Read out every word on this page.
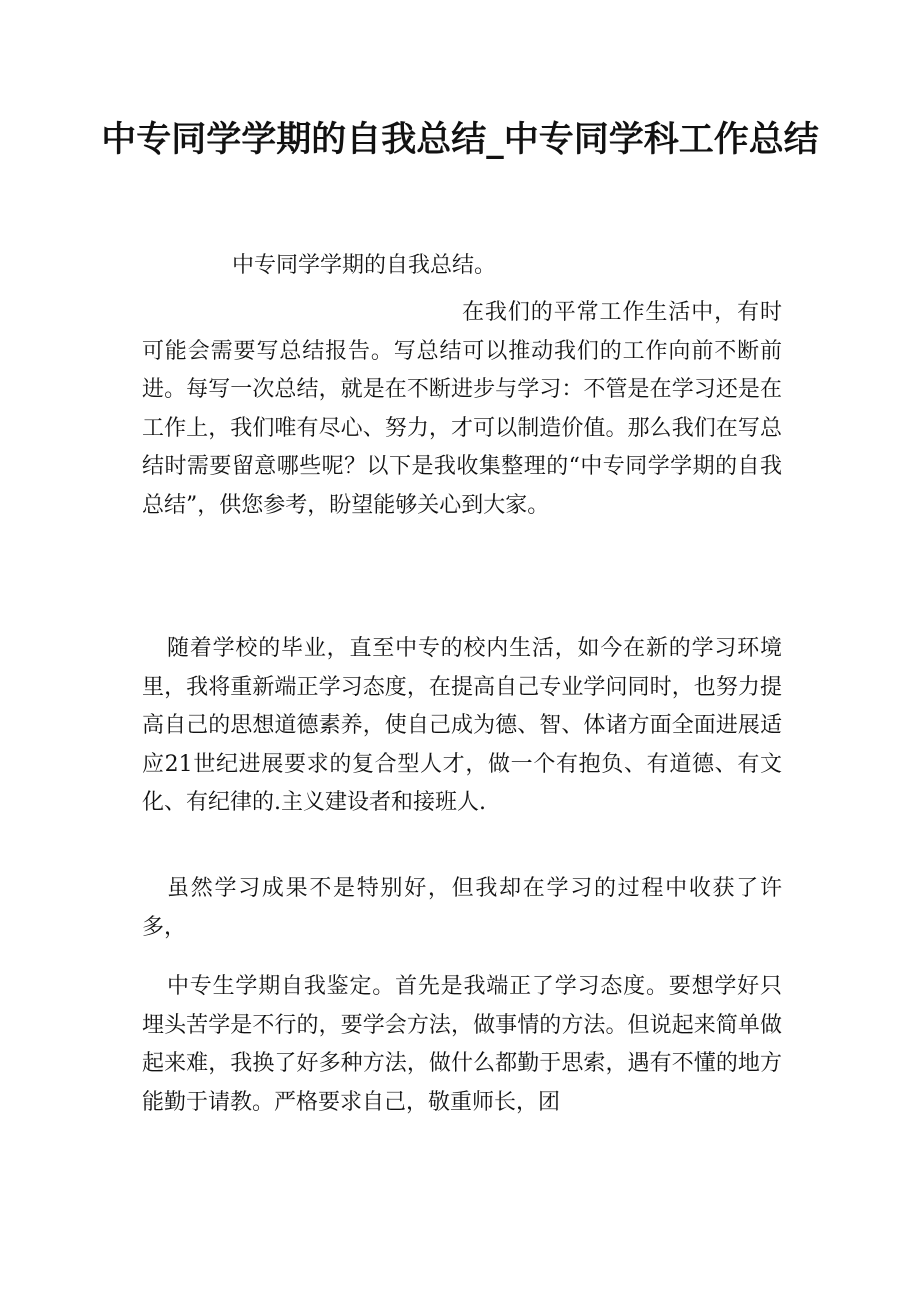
中专同学学期的自我总结_中专同学科工作总结

中专同学学期的自我总结。

在我们的平常工作生活中，有时可能会需要写总结报告。写总结可以推动我们的工作向前不断前进。每写一次总结，就是在不断进步与学习：不管是在学习还是在工作上，我们唯有尽心、努力，才可以制造价值。那么我们在写总结时需要留意哪些呢？以下是我收集整理的“中专同学学期的自我总结”，供您参考，盼望能够关心到大家。

随着学校的毕业，直至中专的校内生活，如今在新的学习环境里，我将重新端正学习态度，在提高自己专业学问同时，也努力提高自己的思想道德素养，使自己成为德、智、体诸方面全面进展适应21世纪进展要求的复合型人才，做一个有抱负、有道德、有文化、有纪律的.主义建设者和接班人.

虽然学习成果不是特别好，但我却在学习的过程中收获了许多，

中专生学期自我鉴定。首先是我端正了学习态度。要想学好只埋头苦学是不行的，要学会方法，做事情的方法。但说起来简单做起来难，我换了好多种方法，做什么都勤于思索，遇有不懂的地方能勤于请教。严格要求自己，敬重师长，团
